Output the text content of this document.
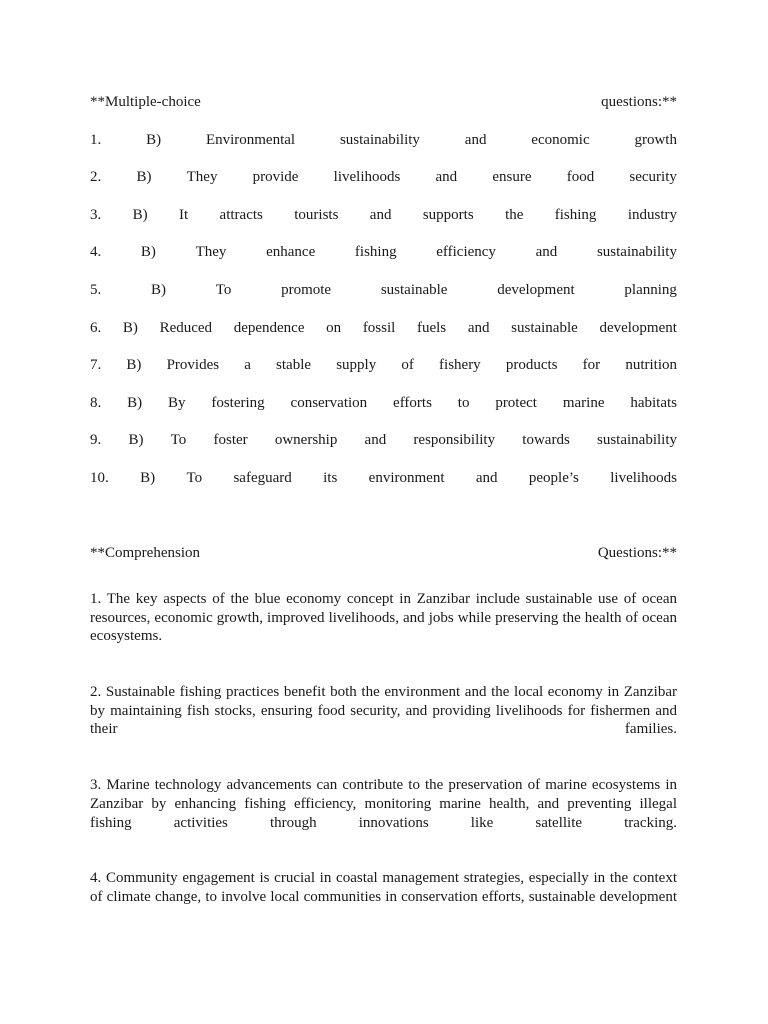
**Multiple-choice	questions:**
1.	B)	Environmental	sustainability	and	economic	growth
2. B) They provide livelihoods and ensure food security
3. B) It attracts tourists and supports the fishing industry
4.	B)	They	enhance	fishing	efficiency	and	sustainability
5.	B)	To	promote	sustainable	development	planning
6. B) Reduced dependence on fossil fuels and sustainable development
7. B) Provides a stable supply of fishery products for nutrition
8. B) By fostering conservation efforts to protect marine habitats
9. B) To foster ownership and responsibility towards sustainability
10. B) To safeguard its environment and people’s livelihoods
**Comprehension	Questions:**

1. The key aspects of the blue economy concept in Zanzibar include sustainable use of ocean resources, economic growth, improved livelihoods, and jobs while preserving the health of ocean ecosystems.

2. Sustainable fishing practices benefit both the environment and the local economy in Zanzibar by maintaining fish stocks, ensuring food security, and providing livelihoods for fishermen and their families.

3. Marine technology advancements can contribute to the preservation of marine ecosystems in Zanzibar by enhancing fishing efficiency, monitoring marine health, and preventing illegal fishing activities through innovations like satellite tracking.

4. Community engagement is crucial in coastal management strategies, especially in the context of climate change, to involve local communities in conservation efforts, sustainable development
